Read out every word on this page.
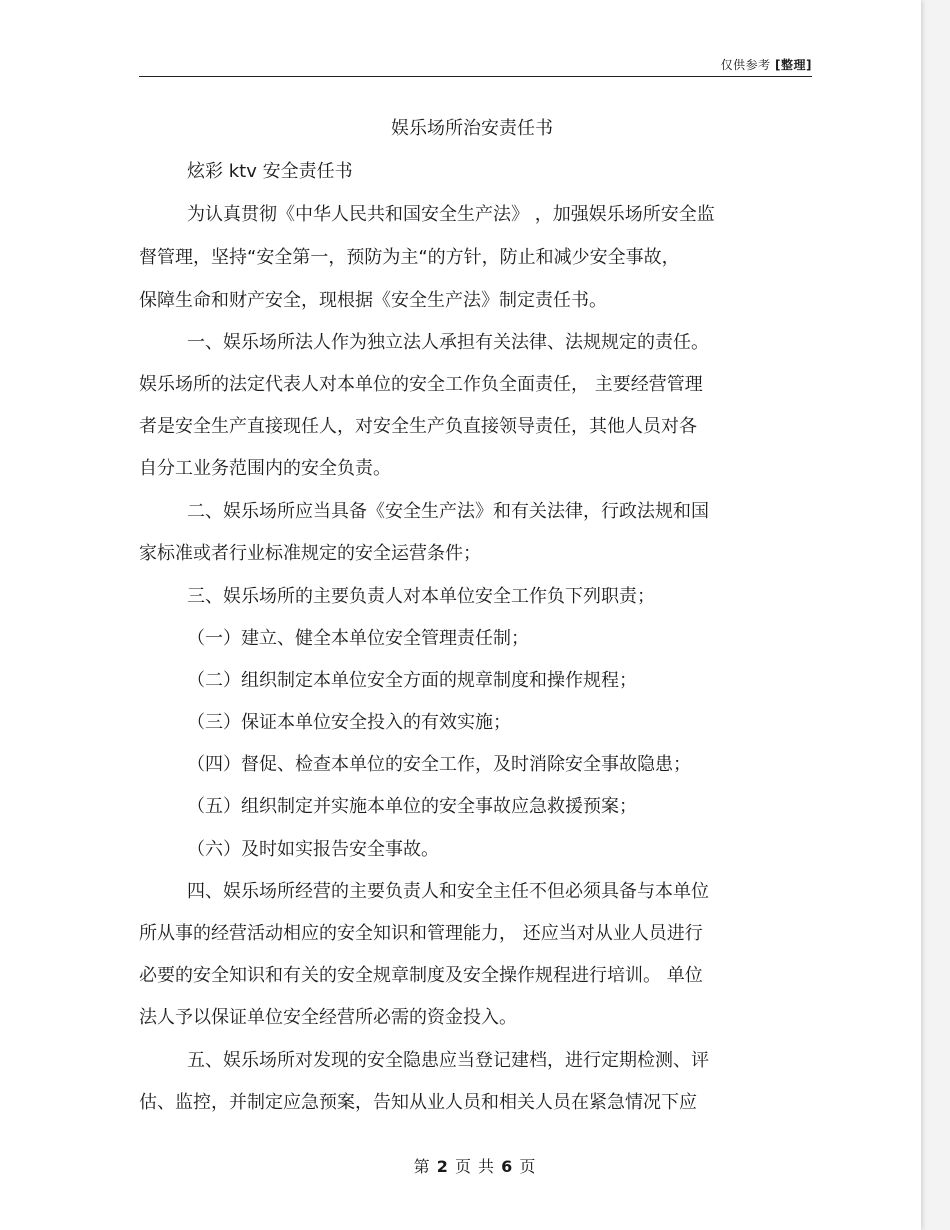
仅供参考 [整理]
娱乐场所治安责任书
炫彩 ktv 安全责任书
为认真贯彻《中华人民共和国安全生产法》 ，加强娱乐场所安全监
督管理，坚持“安全第一，预防为主“的方针，防止和减少安全事故，
保障生命和财产安全，现根据《安全生产法》制定责任书。
一、娱乐场所法人作为独立法人承担有关法律、法规规定的责任。
娱乐场所的法定代表人对本单位的安全工作负全面责任， 主要经营管理
者是安全生产直接现任人，对安全生产负直接领导责任，其他人员对各
自分工业务范围内的安全负责。
二、娱乐场所应当具备《安全生产法》和有关法律，行政法规和国
家标准或者行业标准规定的安全运营条件；
三、娱乐场所的主要负责人对本单位安全工作负下列职责；
（一）建立、健全本单位安全管理责任制；
（二）组织制定本单位安全方面的规章制度和操作规程；
（三）保证本单位安全投入的有效实施；
（四）督促、检查本单位的安全工作，及时消除安全事故隐患；
（五）组织制定并实施本单位的安全事故应急救援预案；
（六）及时如实报告安全事故。
四、娱乐场所经营的主要负责人和安全主任不但必须具备与本单位
所从事的经营活动相应的安全知识和管理能力， 还应当对从业人员进行
必要的安全知识和有关的安全规章制度及安全操作规程进行培训。 单位
法人予以保证单位安全经营所必需的资金投入。
五、娱乐场所对发现的安全隐患应当登记建档，进行定期检测、评
估、监控，并制定应急预案，告知从业人员和相关人员在紧急情况下应
第 2 页 共 6 页
